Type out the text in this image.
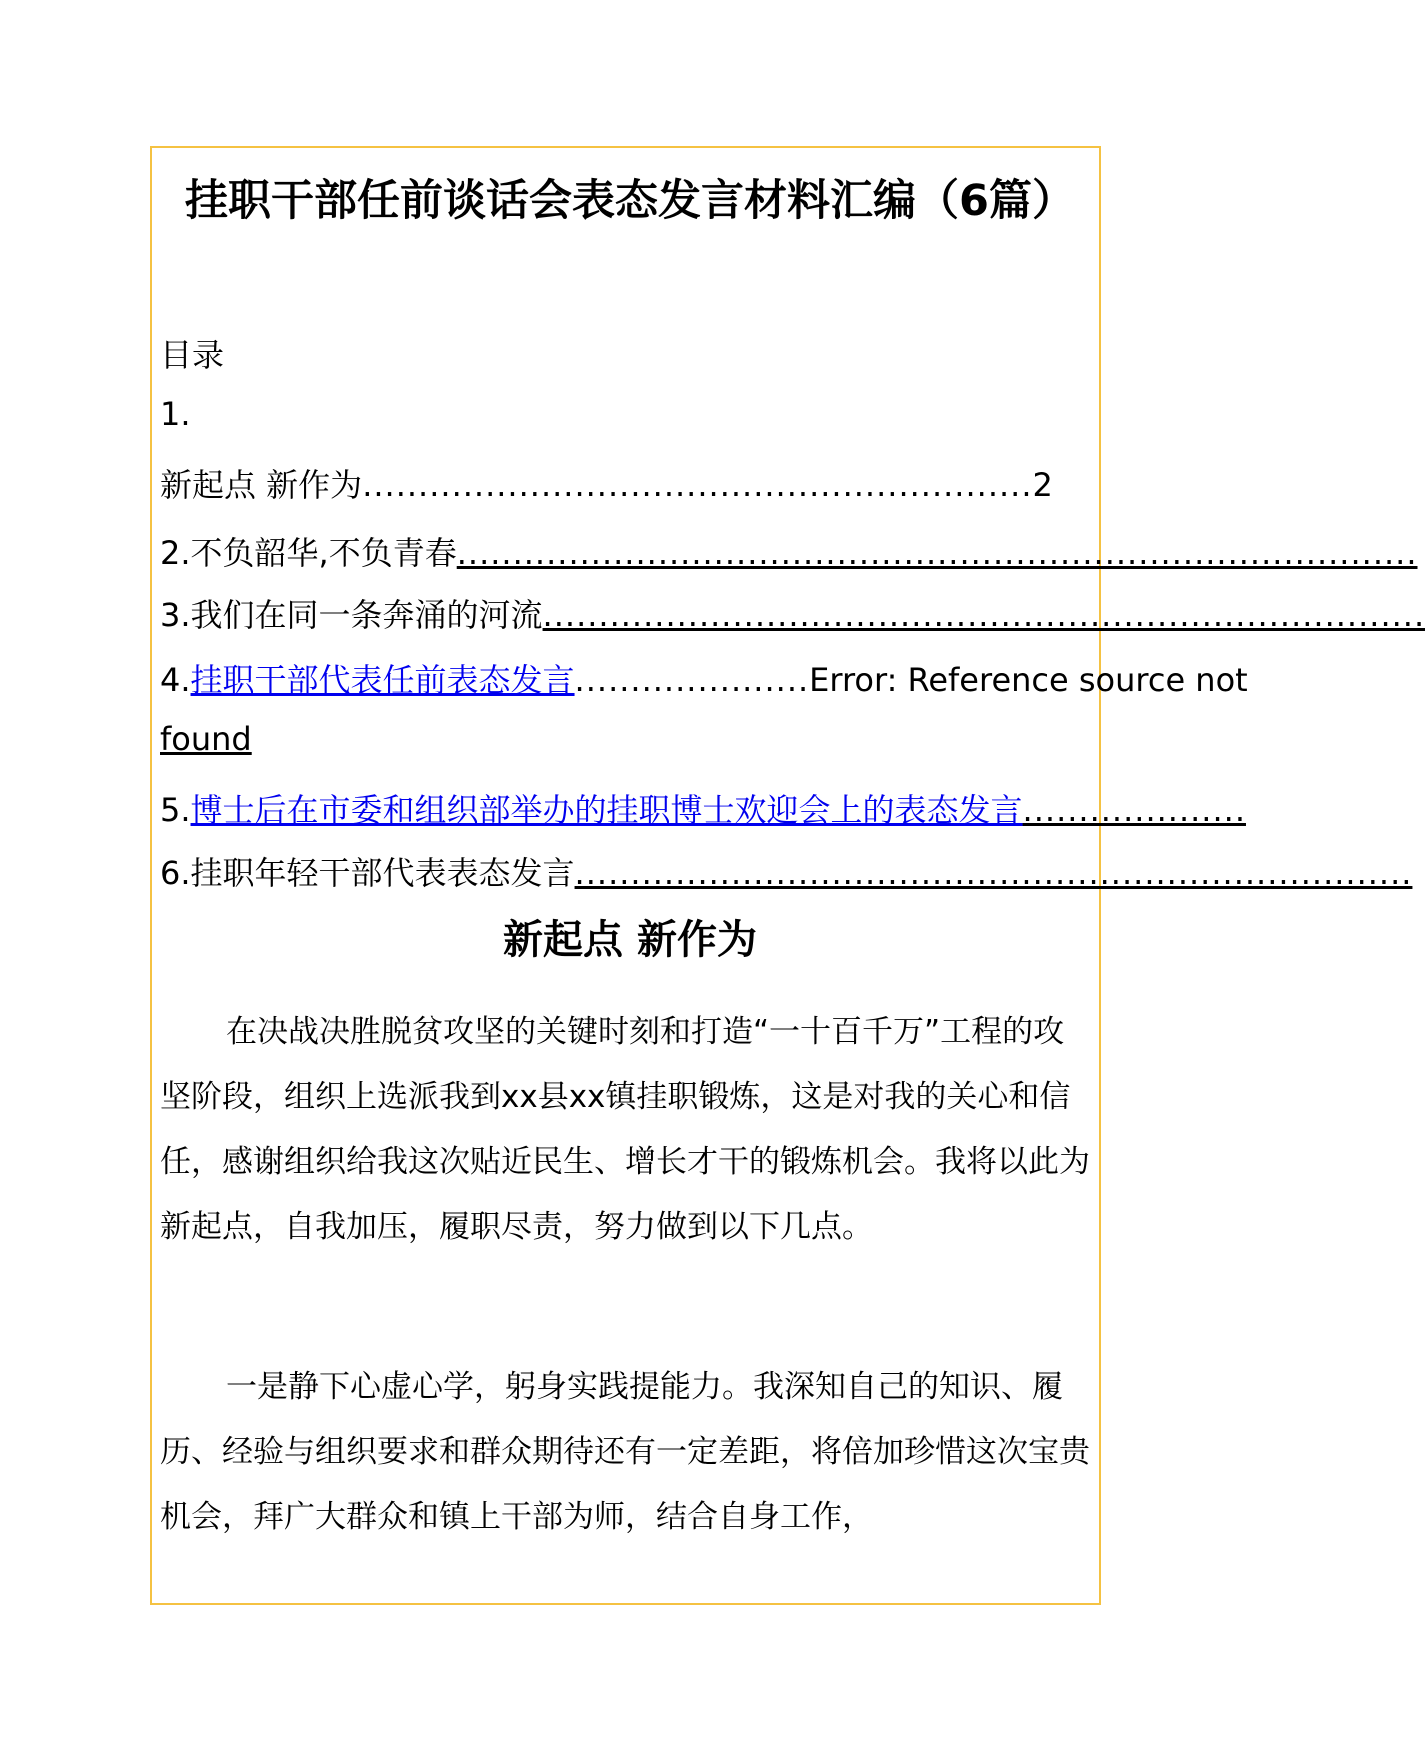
挂职干部任前谈话会表态发言材料汇编（6篇）
目录
1.
新起点 新作为............................................................2
2.不负韶华,不负青春......................................................................................
3.我们在同一条奔涌的河流...............................................................................
4.挂职干部代表任前表态发言.....................Error: Reference source not
found
5.博士后在市委和组织部举办的挂职博士欢迎会上的表态发言....................
6.挂职年轻干部代表表态发言...........................................................................
新起点 新作为
在决战决胜脱贫攻坚的关键时刻和打造“一十百千万”工程的攻坚阶段，组织上选派我到xx县xx镇挂职锻炼，这是对我的关心和信任，感谢组织给我这次贴近民生、增长才干的锻炼机会。我将以此为新起点，自我加压，履职尽责，努力做到以下几点。
一是静下心虚心学，躬身实践提能力。我深知自己的知识、履历、经验与组织要求和群众期待还有一定差距，将倍加珍惜这次宝贵机会，拜广大群众和镇上干部为师，结合自身工作，
